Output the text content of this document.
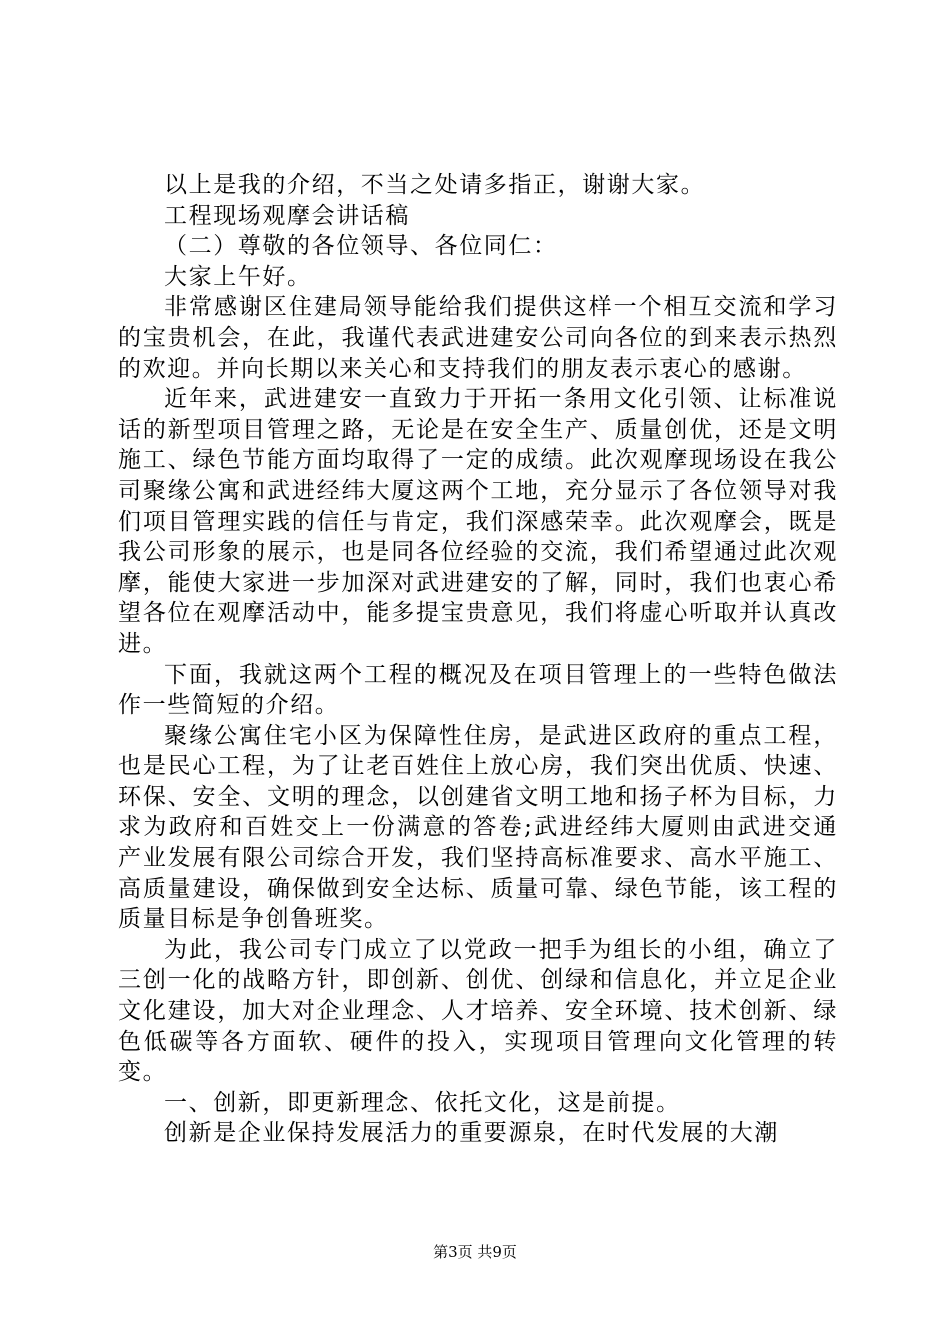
以上是我的介绍，不当之处请多指正，谢谢大家。

工程现场观摩会讲话稿

（二）尊敬的各位领导、各位同仁：

大家上午好。

非常感谢区住建局领导能给我们提供这样一个相互交流和学习的宝贵机会，在此，我谨代表武进建安公司向各位的到来表示热烈的欢迎。并向长期以来关心和支持我们的朋友表示衷心的感谢。

近年来，武进建安一直致力于开拓一条用文化引领、让标准说话的新型项目管理之路，无论是在安全生产、质量创优，还是文明施工、绿色节能方面均取得了一定的成绩。此次观摩现场设在我公司聚缘公寓和武进经纬大厦这两个工地，充分显示了各位领导对我们项目管理实践的信任与肯定，我们深感荣幸。此次观摩会，既是我公司形象的展示，也是同各位经验的交流，我们希望通过此次观摩，能使大家进一步加深对武进建安的了解，同时，我们也衷心希望各位在观摩活动中，能多提宝贵意见，我们将虚心听取并认真改进。

下面，我就这两个工程的概况及在项目管理上的一些特色做法作一些简短的介绍。

聚缘公寓住宅小区为保障性住房，是武进区政府的重点工程，也是民心工程，为了让老百姓住上放心房，我们突出优质、快速、环保、安全、文明的理念，以创建省文明工地和扬子杯为目标，力求为政府和百姓交上一份满意的答卷;武进经纬大厦则由武进交通产业发展有限公司综合开发，我们坚持高标准要求、高水平施工、高质量建设，确保做到安全达标、质量可靠、绿色节能，该工程的质量目标是争创鲁班奖。

为此，我公司专门成立了以党政一把手为组长的小组，确立了三创一化的战略方针，即创新、创优、创绿和信息化，并立足企业文化建设，加大对企业理念、人才培养、安全环境、技术创新、绿色低碳等各方面软、硬件的投入，实现项目管理向文化管理的转变。

一、创新，即更新理念、依托文化，这是前提。

创新是企业保持发展活力的重要源泉，在时代发展的大潮

第3页 共9页
